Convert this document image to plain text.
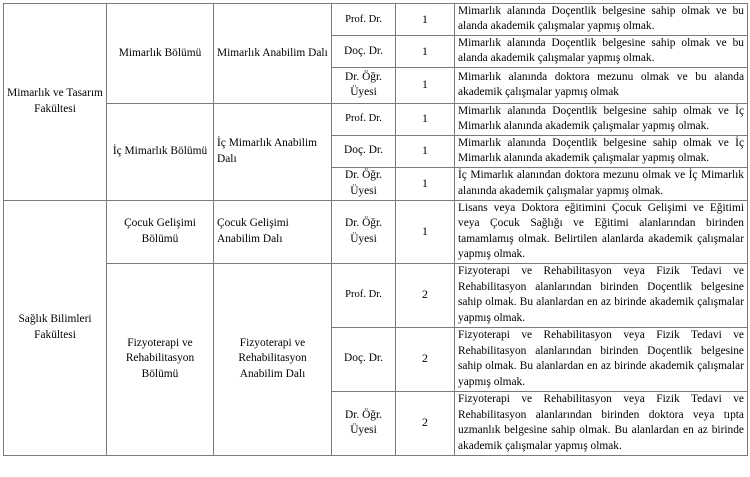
Mimarlık ve Tasarım Fakültesi	Mimarlık Bölümü	Mimarlık Anabilim Dalı	Prof. Dr.	1	Mimarlık alanında Doçentlik belgesine sahip olmak ve bu alanda akademik çalışmalar yapmış olmak.
			Doç. Dr.	1	Mimarlık alanında Doçentlik belgesine sahip olmak ve bu alanda akademik çalışmalar yapmış olmak.
			Dr. Öğr. Üyesi	1	Mimarlık alanında doktora mezunu olmak ve bu alanda akademik çalışmalar yapmış olmak
	İç Mimarlık Bölümü	İç Mimarlık Anabilim Dalı	Prof. Dr.	1	Mimarlık alanında Doçentlik belgesine sahip olmak ve İç Mimarlık alanında akademik çalışmalar yapmış olmak.
			Doç. Dr.	1	Mimarlık alanında Doçentlik belgesine sahip olmak ve İç Mimarlık alanında akademik çalışmalar yapmış olmak.
			Dr. Öğr. Üyesi	1	İç Mimarlık alanından doktora mezunu olmak ve İç Mimarlık alanında akademik çalışmalar yapmış olmak.
Sağlık Bilimleri Fakültesi	Çocuk Gelişimi Bölümü	Çocuk Gelişimi Anabilim Dalı	Dr. Öğr. Üyesi	1	Lisans veya Doktora eğitimini Çocuk Gelişimi ve Eğitimi veya Çocuk Sağlığı ve Eğitimi alanlarından birinden tamamlamış olmak. Belirtilen alanlarda akademik çalışmalar yapmış olmak.
	Fizyoterapi ve Rehabilitasyon Bölümü	Fizyoterapi ve Rehabilitasyon Anabilim Dalı	Prof. Dr.	2	Fizyoterapi ve Rehabilitasyon veya Fizik Tedavi ve Rehabilitasyon alanlarından birinden Doçentlik belgesine sahip olmak. Bu alanlardan en az birinde akademik çalışmalar yapmış olmak.
			Doç. Dr.	2	Fizyoterapi ve Rehabilitasyon veya Fizik Tedavi ve Rehabilitasyon alanlarından birinden Doçentlik belgesine sahip olmak. Bu alanlardan en az birinde akademik çalışmalar yapmış olmak.
			Dr. Öğr. Üyesi	2	Fizyoterapi ve Rehabilitasyon veya Fizik Tedavi ve Rehabilitasyon alanlarından birinden doktora veya tıpta uzmanlık belgesine sahip olmak. Bu alanlardan en az birinde akademik çalışmalar yapmış olmak.
